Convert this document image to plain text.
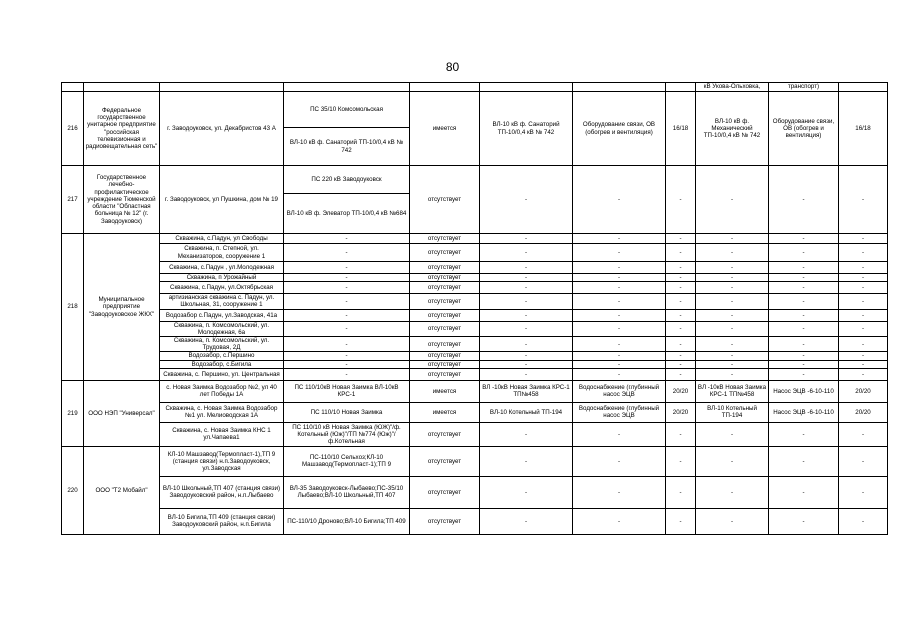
80
								кВ Укова-Ольховка,	транспорт)	
216	Федеральное государственное унитарное предприятие "российская телевизионная и радиовещательная сеть"	г. Заводоуковск, ул. Декабристов 43 А	ПС 35/10 Комсомольская	имеется	ВЛ-10 кВ ф. Санаторий ТП-10/0,4 кВ № 742	Оборудование связи, ОВ (обогрев и вентиляция)	16/18	ВЛ-10 кВ ф. Механический ТП-10/0,4 кВ № 742	Оборудование связи, ОВ (обогрев и вентиляция)	16/18
			ВЛ-10 кВ ф. Санаторий ТП-10/0,4 кВ № 742							
217	Государственное лечебно-профилактическое учреждение Тюменской области "Областная больница № 12" (г. Заводоуковск)	г. Заводоуковск, ул Пушкина, дом № 19	ПС 220 кВ Заводоуковск	отсутствует	-	-	-	-	-	-
			ВЛ-10 кВ ф. Элеватор ТП-10/0,4 кВ №684							
218	Муниципальное предприятие "Заводоуковское ЖКХ"	Скважина, с.Падун, ул Свободы	-	отсутствует	-	-	-	-	-	-
		Скважина, п. Степной, ул. Механизаторов, сооружение 1	-	отсутствует	-	-	-	-	-	-
		Скважина, с.Падун , ул.Молодежная	-	отсутствует	-	-	-	-	-	-
		Скважина, п Урожайный	-	отсутствует	-	-	-	-	-	-
		Скважина, с.Падун, ул.Октябрьская	-	отсутствует	-	-	-	-	-	-
		артизианская скважина с. Падун, ул. Школьная, 31, сооружение 1	-	отсутствует	-	-	-	-	-	-
		Водозабор с.Падун, ул.Заводская, 41а	-	отсутствует	-	-	-	-	-	-
		Скважина, п. Комсомольский, ул. Молодежная, 6а	-	отсутствует	-	-	-	-	-	-
		Скважина, п. Комсомольский, ул. Трудовая, 2Д	-	отсутствует	-	-	-	-	-	-
		Водозабор, с.Першино	-	отсутствует	-	-	-	-	-	-
		Водозабор, с.Бигила	-	отсутствует	-	-	-	-	-	-
		Скважина, с. Першино, ул. Центральная	-	отсутствует	-	-	-	-	-	-
219	ООО НЭП "Универсал"	с. Новая Заимка Водозабор №2, ул 40 лет Победы 1А	ПС 110/10кВ Новая Заимка ВЛ-10кВ КРС-1	имеется	ВЛ -10кВ Новая Заимка КРС-1 ТП№458	Водоснабжение (глубинный насос ЭЦВ	20/20	ВЛ -10кВ Новая Заимка КРС-1 ТП№458	Насос ЭЦВ -6-10-110	20/20
		Скважина, с. Новая Заимка Водозабор №1 ул. Мелиоводская 1А	ПС 110/10 Новая Заимка	имеется	ВЛ-10 Котельный ТП-194	Водоснабжение (глубинный насос ЭЦВ	20/20	ВЛ-10 Котельный ТП-194	Насос ЭЦВ -6-10-110	20/20
		Скважина, с. Новая Заимка КНС 1 ул.Чапаева1	ПС 110/10 кВ Новая Заимка (ЮЖ)"/ф. Котельный (Юж)"/ТП №774 (Юж)"/ф.Котельная	отсутствует	-	-	-	-	-	-
220	ООО "Т2 Мобайл"	КЛ-10 Машзавод(Термопласт-1),ТП 9 (станция связи) н.п.Заводоуковск, ул.Заводская	ПС-110/10 Сельхоз;КЛ-10 Машзавод(Термопласт-1);ТП 9	отсутствует	-	-	-	-	-	-
		ВЛ-10 Школьный,ТП 407 (станция связи) Заводоуковский район, н.п.Лыбаево	ВЛ-35 Заводоуковск-Лыбаево;ПС-35/10 Лыбаево;ВЛ-10 Школьный,ТП 407	отсутствует	-	-	-	-	-	-
		ВЛ-10 Бигила,ТП 409 (станция связи) Заводоуковский район, н.п.Бигила	ПС-110/10 Дроново;ВЛ-10 Бигила;ТП 409	отсутствует	-	-	-	-	-	-
